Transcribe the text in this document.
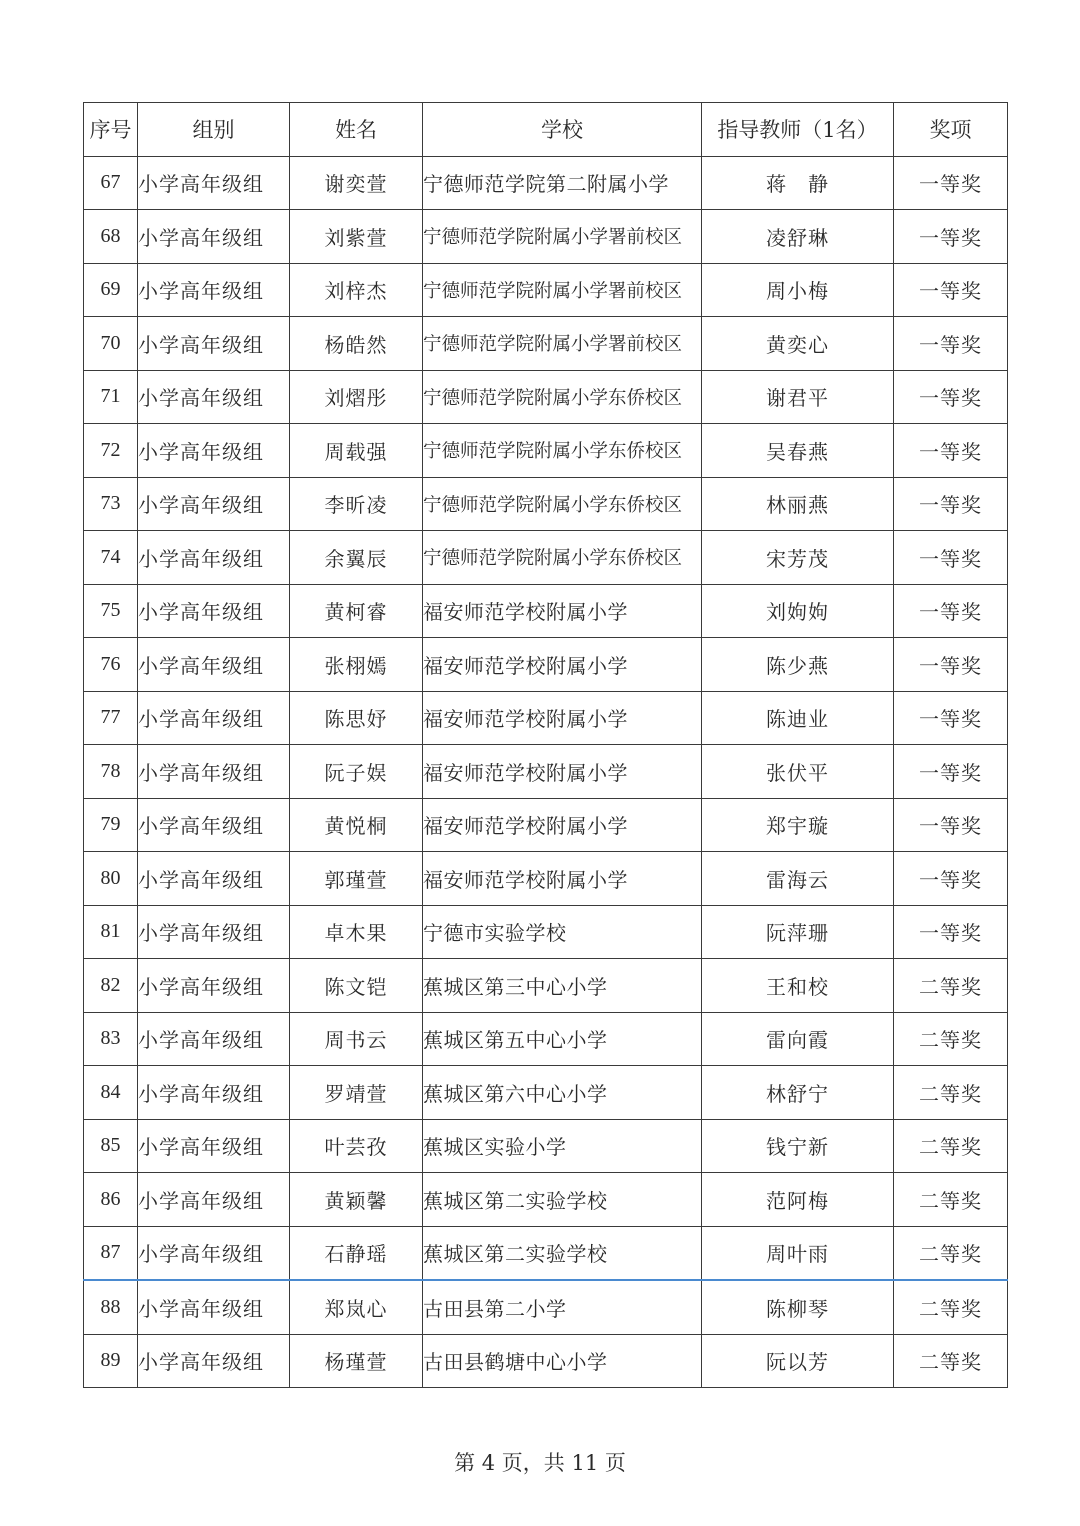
序号	组别	姓名	学校	指导教师（1名）	奖项
67	小学高年级组	谢奕萱	宁德师范学院第二附属小学	蒋　静	一等奖
68	小学高年级组	刘紫萱	宁德师范学院附属小学署前校区	凌舒琳	一等奖
69	小学高年级组	刘梓杰	宁德师范学院附属小学署前校区	周小梅	一等奖
70	小学高年级组	杨皓然	宁德师范学院附属小学署前校区	黄奕心	一等奖
71	小学高年级组	刘熠彤	宁德师范学院附属小学东侨校区	谢君平	一等奖
72	小学高年级组	周载强	宁德师范学院附属小学东侨校区	吴春燕	一等奖
73	小学高年级组	李昕凌	宁德师范学院附属小学东侨校区	林丽燕	一等奖
74	小学高年级组	余翼辰	宁德师范学院附属小学东侨校区	宋芳茂	一等奖
75	小学高年级组	黄柯睿	福安师范学校附属小学	刘姁姁	一等奖
76	小学高年级组	张栩嫣	福安师范学校附属小学	陈少燕	一等奖
77	小学高年级组	陈思妤	福安师范学校附属小学	陈迪业	一等奖
78	小学高年级组	阮子娱	福安师范学校附属小学	张伏平	一等奖
79	小学高年级组	黄悦桐	福安师范学校附属小学	郑宇璇	一等奖
80	小学高年级组	郭瑾萱	福安师范学校附属小学	雷海云	一等奖
81	小学高年级组	卓木果	宁德市实验学校	阮萍珊	一等奖
82	小学高年级组	陈文铠	蕉城区第三中心小学	王和校	二等奖
83	小学高年级组	周书云	蕉城区第五中心小学	雷向霞	二等奖
84	小学高年级组	罗靖萱	蕉城区第六中心小学	林舒宁	二等奖
85	小学高年级组	叶芸孜	蕉城区实验小学	钱宁新	二等奖
86	小学高年级组	黄颖馨	蕉城区第二实验学校	范阿梅	二等奖
87	小学高年级组	石静瑶	蕉城区第二实验学校	周叶雨	二等奖
88	小学高年级组	郑岚心	古田县第二小学	陈柳琴	二等奖
89	小学高年级组	杨瑾萱	古田县鹤塘中心小学	阮以芳	二等奖
第 4 页，共 11 页
